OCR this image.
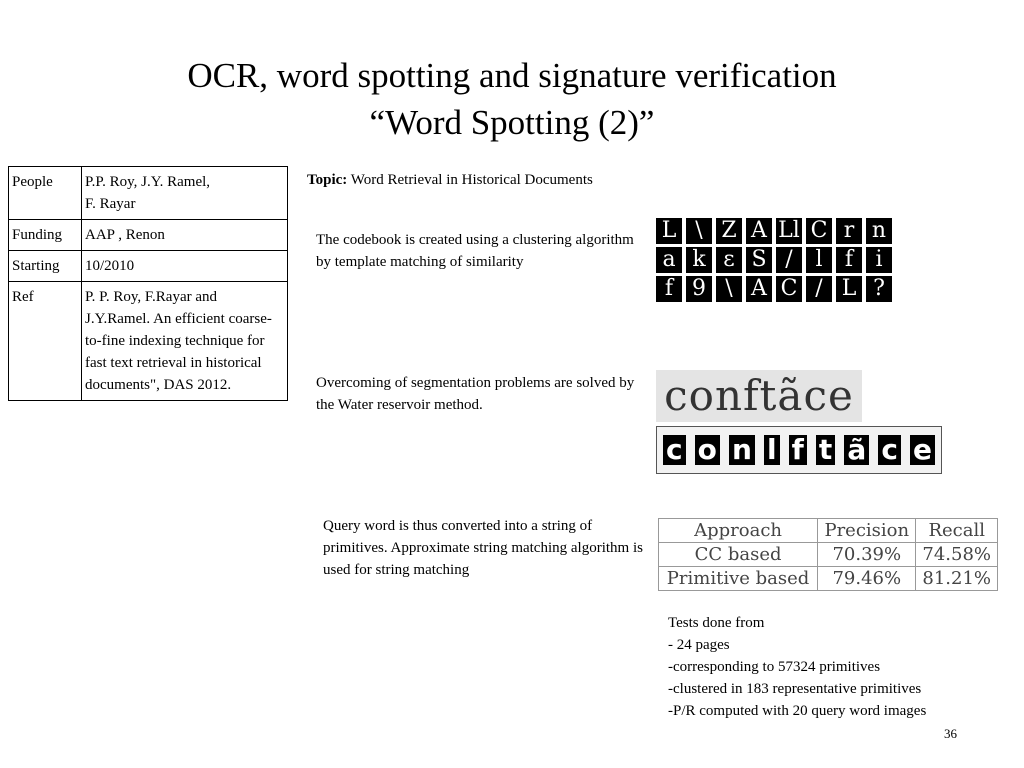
OCR, word spotting and signature verification
“Word Spotting (2)”
People	P.P. Roy, J.Y. Ramel,
F. Rayar
Funding	AAP , Renon
Starting	10/2010
Ref	P. P. Roy, F.Rayar and J.Y.Ramel. An efficient coarse-to-fine indexing technique for fast text retrieval in historical documents", DAS 2012.
Topic: Word Retrieval in Historical Documents
The codebook is created using a clustering algorithm by template matching of similarity
Overcoming of segmentation problems are solved by the Water reservoir method.
Query word is thus converted into a string of primitives. Approximate string matching algorithm is used for string matching
L \ Z A Ll C r n
a k ε S /	l	f	i
f 9 \ A C / L ?
conftãce
c o n l f t ã c e
Approach	Precision	Recall
CC based	70.39%	74.58%
Primitive based	79.46%	81.21%
Tests done from
- 24 pages
-corresponding to 57324 primitives
-clustered in 183 representative primitives
-P/R computed with 20 query word images
36
